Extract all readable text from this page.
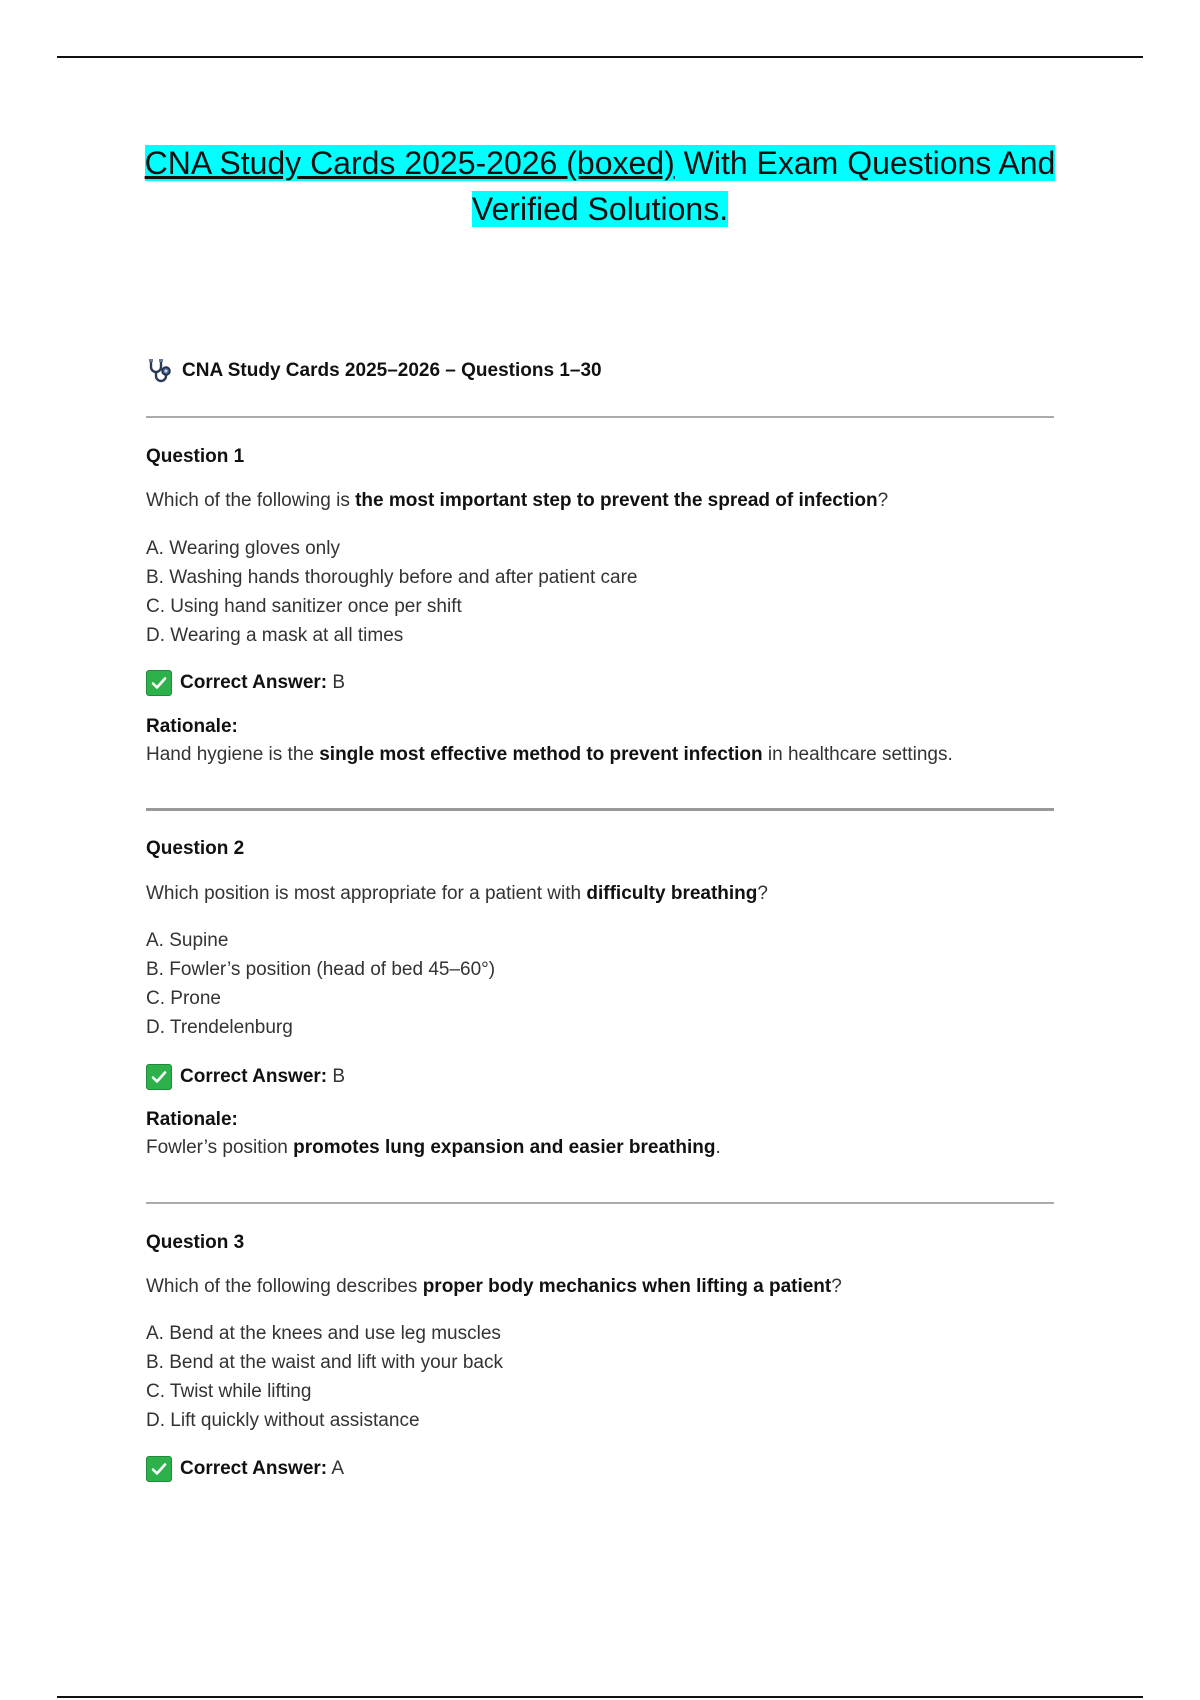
CNA Study Cards 2025-2026 (boxed) With Exam Questions And
Verified Solutions.
CNA Study Cards 2025–2026 – Questions 1–30
Question 1
Which of the following is the most important step to prevent the spread of infection?
A. Wearing gloves only
B. Washing hands thoroughly before and after patient care
C. Using hand sanitizer once per shift
D. Wearing a mask at all times
Correct Answer: B
Rationale:
Hand hygiene is the single most effective method to prevent infection in healthcare settings.
Question 2
Which position is most appropriate for a patient with difficulty breathing?
A. Supine
B. Fowler’s position (head of bed 45–60°)
C. Prone
D. Trendelenburg
Correct Answer: B
Rationale:
Fowler’s position promotes lung expansion and easier breathing.
Question 3
Which of the following describes proper body mechanics when lifting a patient?
A. Bend at the knees and use leg muscles
B. Bend at the waist and lift with your back
C. Twist while lifting
D. Lift quickly without assistance
Correct Answer: A
